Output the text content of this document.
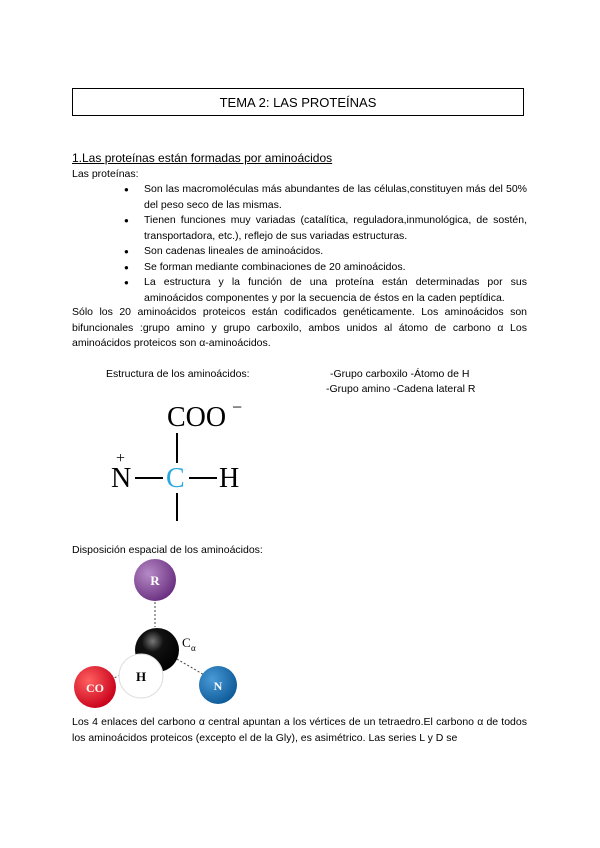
TEMA 2: LAS PROTEÍNAS
1.Las proteínas están formadas por aminoácidos
Las proteínas:
● Son las macromoléculas más abundantes de las células,constituyen más del 50% del peso seco de las mismas.
● Tienen funciones muy variadas (catalítica, reguladora,inmunológica, de sostén, transportadora, etc.), reflejo de sus variadas estructuras.
● Son cadenas lineales de aminoácidos.
● Se forman mediante combinaciones de 20 aminoácidos.
● La estructura y la función de una proteína están determinadas por sus aminoácidos componentes y por la secuencia de éstos en la caden peptídica.
Sólo los 20 aminoácidos proteicos están codificados genéticamente. Los aminoácidos son bifuncionales :grupo amino y grupo carboxilo, ambos unidos al átomo de carbono α Los aminoácidos proteicos son α-aminoácidos.
Estructura de los aminoácidos:	-Grupo carboxilo -Átomo de H
-Grupo amino -Cadena lateral R
COO −
+
N C H
Disposición espacial de los aminoácidos:
R
C α
H
CO	N
Los 4 enlaces del carbono α central apuntan a los vértices de un tetraedro.El carbono α de todos los aminoácidos proteicos (excepto el de la Gly), es asimétrico. Las series L y D se
